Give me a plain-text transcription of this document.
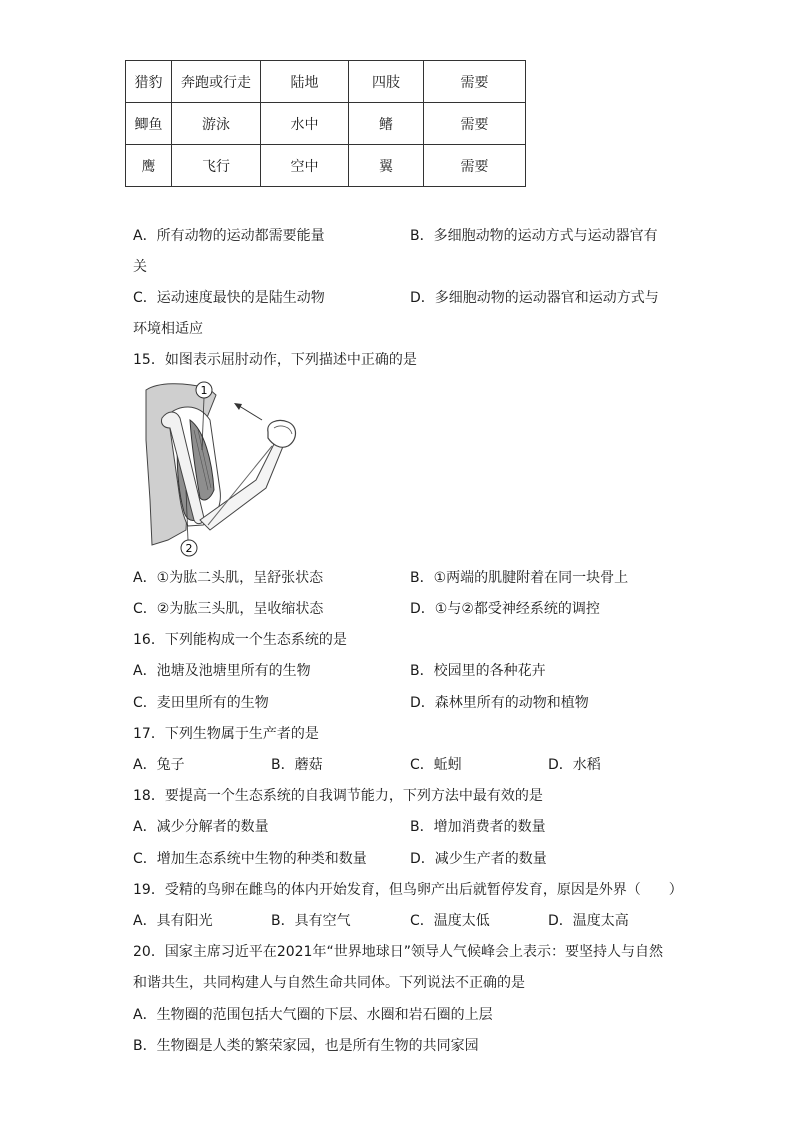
猎豹	奔跑或行走	陆地	四肢	需要
鲫鱼	游泳	水中	鳍	需要
鹰	飞行	空中	翼	需要
A．所有动物的运动都需要能量	B．多细胞动物的运动方式与运动器官有
关
C．运动速度最快的是陆生动物	D．多细胞动物的运动器官和运动方式与
环境相适应
15．如图表示屈肘动作，下列描述中正确的是
1
2
A．①为肱二头肌，呈舒张状态	B．①两端的肌腱附着在同一块骨上
C．②为肱三头肌，呈收缩状态	D．①与②都受神经系统的调控
16．下列能构成一个生态系统的是
A．池塘及池塘里所有的生物	B．校园里的各种花卉
C．麦田里所有的生物	D．森林里所有的动物和植物
17．下列生物属于生产者的是
A．兔子	B．蘑菇	C．蚯蚓	D．水稻
18．要提高一个生态系统的自我调节能力，下列方法中最有效的是
A．减少分解者的数量	B．增加消费者的数量
C．增加生态系统中生物的种类和数量	D．减少生产者的数量
19．受精的鸟卵在雌鸟的体内开始发育，但鸟卵产出后就暂停发育，原因是外界（　　）
A．具有阳光	B．具有空气	C．温度太低	D．温度太高
20．国家主席习近平在2021年“世界地球日”领导人气候峰会上表示：要坚持人与自然
和谐共生，共同构建人与自然生命共同体。下列说法不正确的是
A．生物圈的范围包括大气圈的下层、水圈和岩石圈的上层
B．生物圈是人类的繁荣家园，也是所有生物的共同家园
